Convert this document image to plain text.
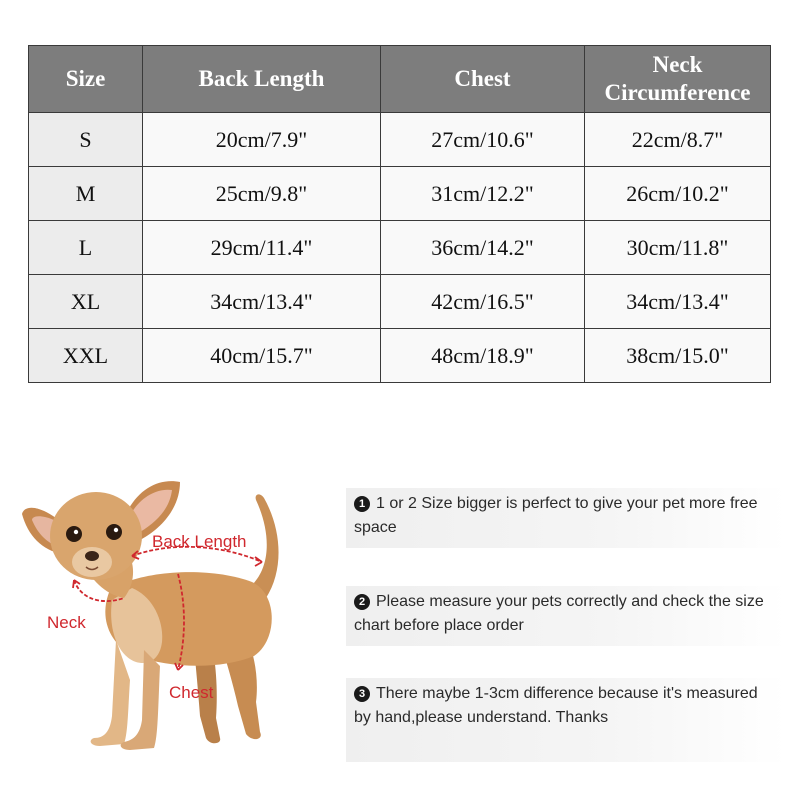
Size	Back Length	Chest	Neck Circumference
S	20cm/7.9"	27cm/10.6"	22cm/8.7"
M	25cm/9.8"	31cm/12.2"	26cm/10.2"
L	29cm/11.4"	36cm/14.2"	30cm/11.8"
XL	34cm/13.4"	42cm/16.5"	34cm/13.4"
XXL	40cm/15.7"	48cm/18.9"	38cm/15.0"
Back Length
Neck
Chest
1 1 or 2 Size bigger is perfect to give your pet more free space
2 Please measure your pets correctly and check the size chart before place order
3 There maybe 1-3cm difference because it's measured by hand,please understand. Thanks
